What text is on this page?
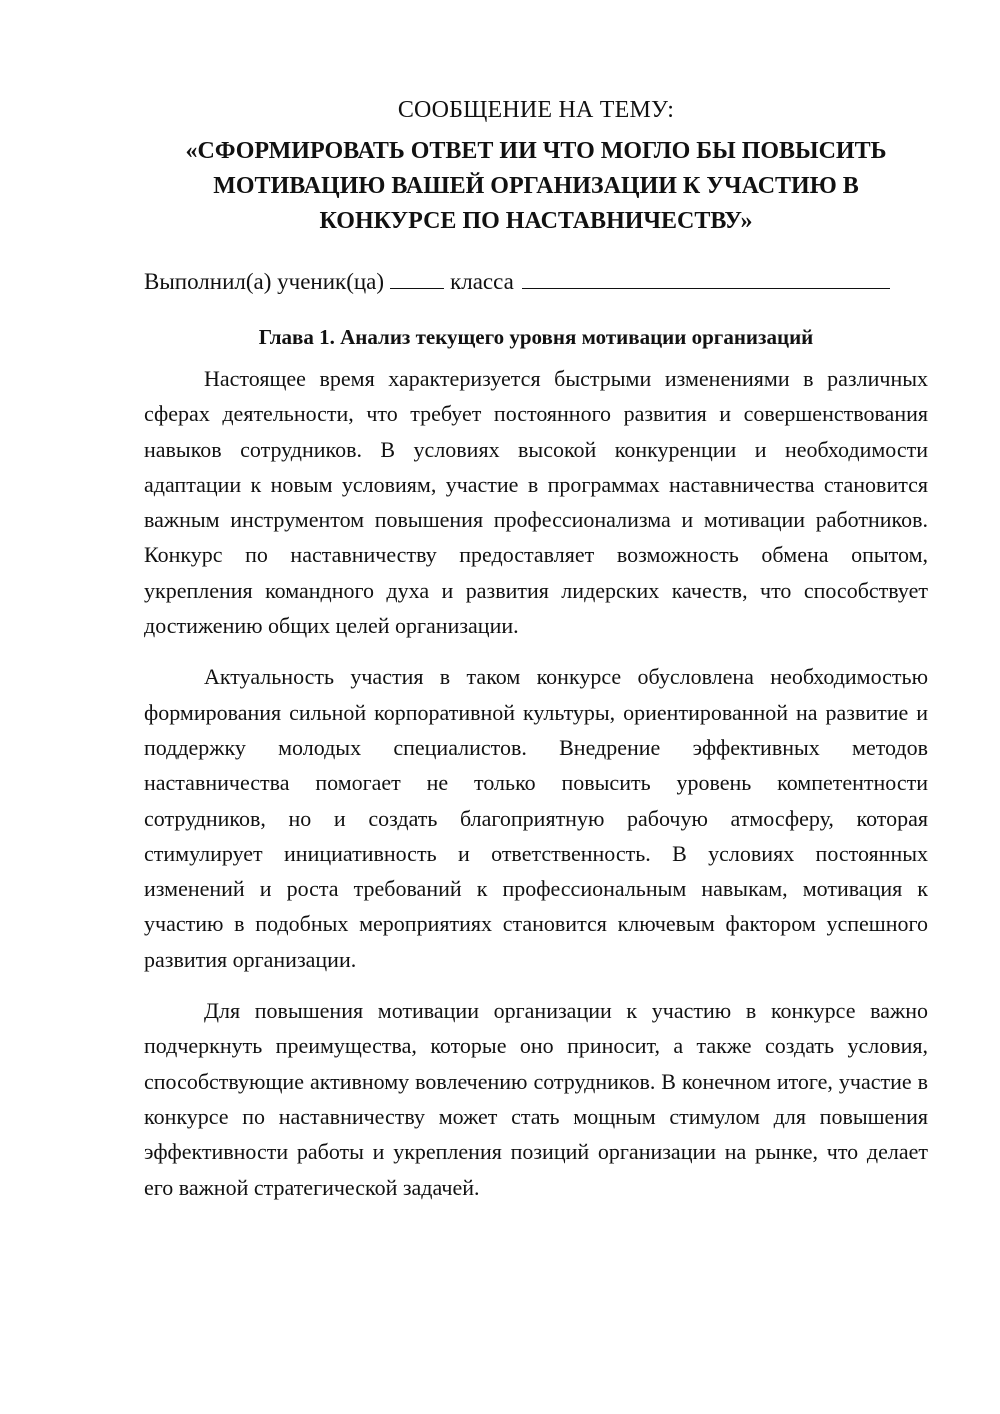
СООБЩЕНИЕ НА ТЕМУ:
«СФОРМИРОВАТЬ ОТВЕТ ИИ ЧТО МОГЛО БЫ ПОВЫСИТЬ МОТИВАЦИЮ ВАШЕЙ ОРГАНИЗАЦИИ К УЧАСТИЮ В КОНКУРСЕ ПО НАСТАВНИЧЕСТВУ»
Выполнил(а) ученик(ца)	класса
Глава 1. Анализ текущего уровня мотивации организаций

Настоящее время характеризуется быстрыми изменениями в различных сферах деятельности, что требует постоянного развития и совершенствования навыков сотрудников. В условиях высокой конкуренции и необходимости адаптации к новым условиям, участие в программах наставничества становится важным инструментом повышения профессионализма и мотивации работников. Конкурс по наставничеству предоставляет возможность обмена опытом, укрепления командного духа и развития лидерских качеств, что способствует достижению общих целей организации.

Актуальность участия в таком конкурсе обусловлена необходимостью формирования сильной корпоративной культуры, ориентированной на развитие и поддержку молодых специалистов. Внедрение эффективных методов наставничества помогает не только повысить уровень компетентности сотрудников, но и создать благоприятную рабочую атмосферу, которая стимулирует инициативность и ответственность. В условиях постоянных изменений и роста требований к профессиональным навыкам, мотивация к участию в подобных мероприятиях становится ключевым фактором успешного развития организации.

Для повышения мотивации организации к участию в конкурсе важно подчеркнуть преимущества, которые оно приносит, а также создать условия, способствующие активному вовлечению сотрудников. В конечном итоге, участие в конкурсе по наставничеству может стать мощным стимулом для повышения эффективности работы и укрепления позиций организации на рынке, что делает его важной стратегической задачей.
